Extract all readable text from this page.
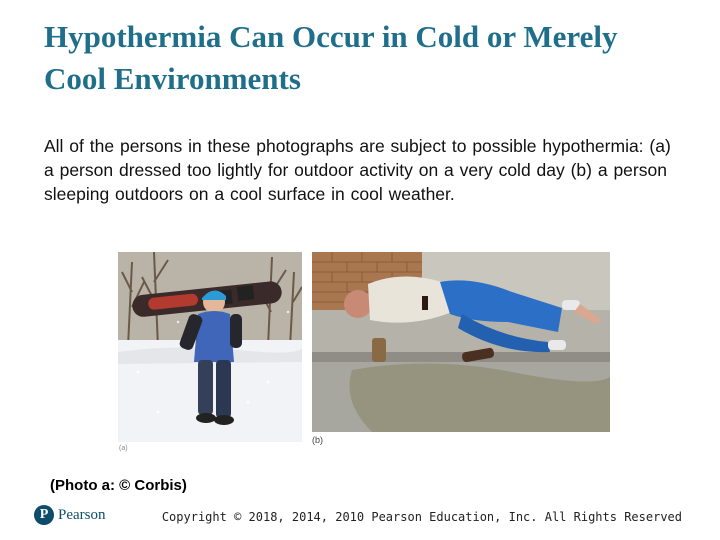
Hypothermia Can Occur in Cold or Merely
Cool Environments
All of the persons in these photographs are subject to possible hypothermia: (a) a person dressed too lightly for outdoor activity on a very cold day (b) a person sleeping outdoors on a cool surface in cool weather.
(a)
(b)
(Photo a: © Corbis)
P Pearson	Copyright © 2018, 2014, 2010 Pearson Education, Inc. All Rights Reserved
